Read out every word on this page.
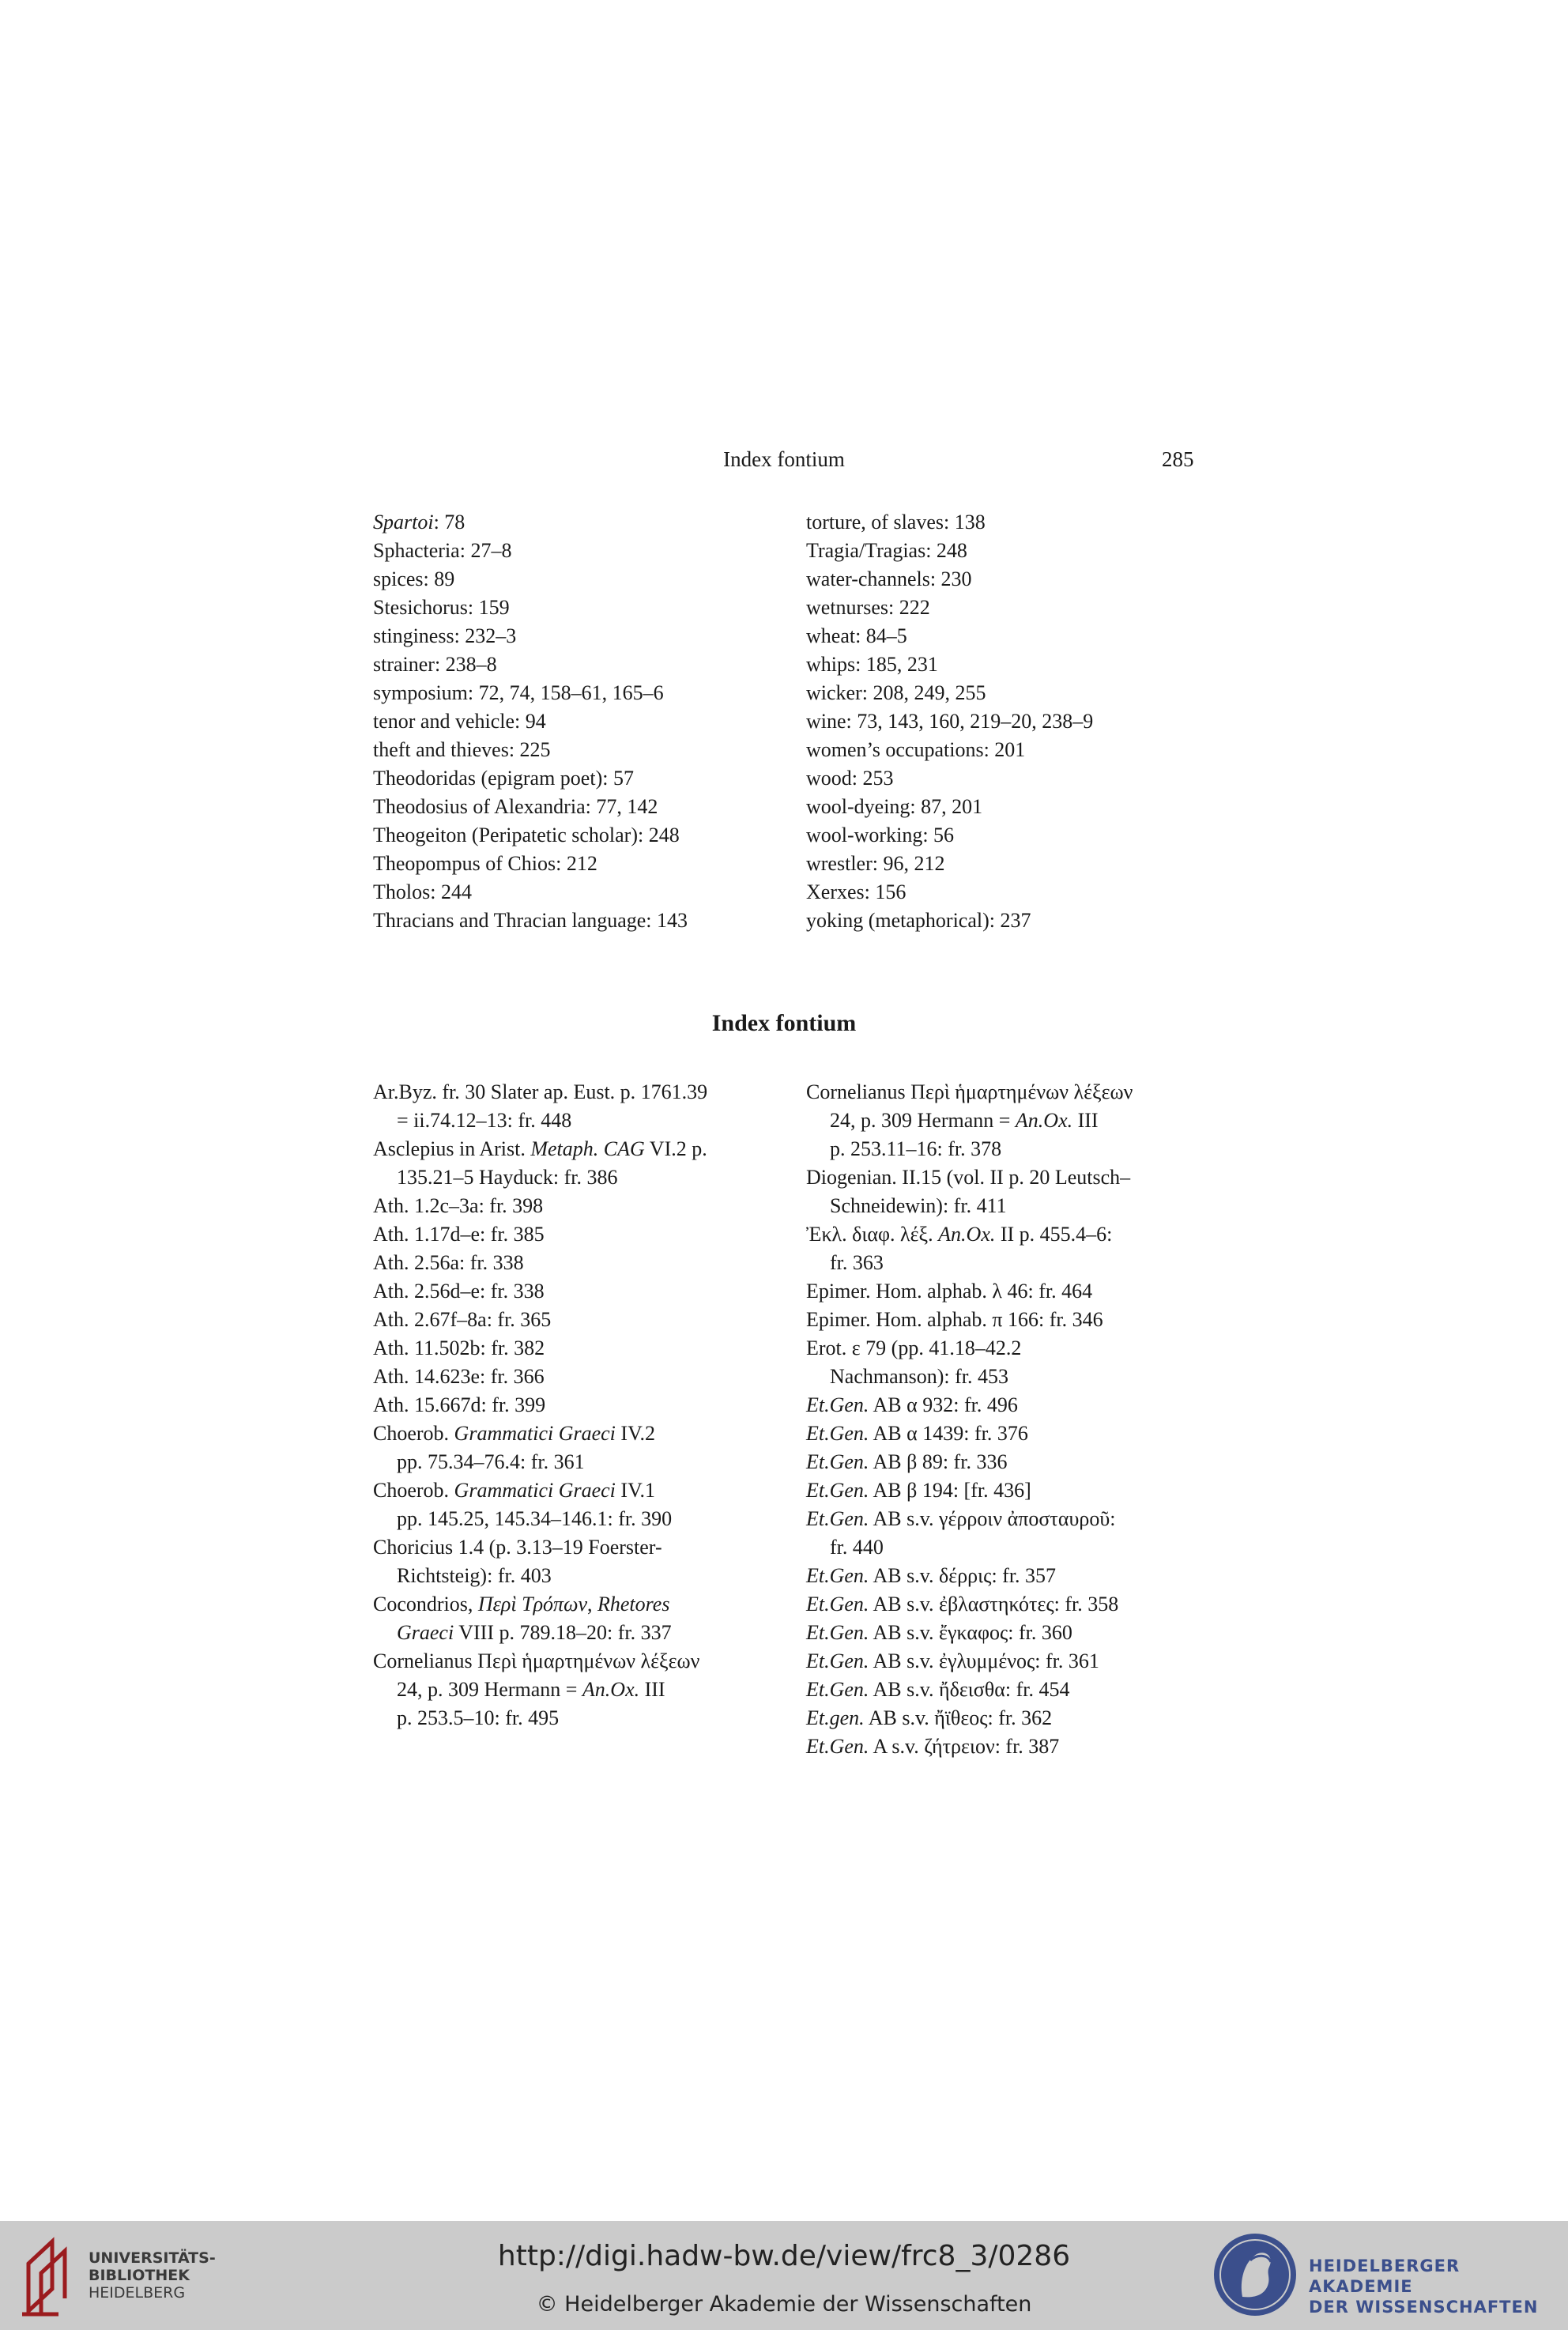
Index fontium	285
Spartoi: 78
Sphacteria: 27–8
spices: 89
Stesichorus: 159
stinginess: 232–3
strainer: 238–8
symposium: 72, 74, 158–61, 165–6
tenor and vehicle: 94
theft and thieves: 225
Theodoridas (epigram poet): 57
Theodosius of Alexandria: 77, 142
Theogeiton (Peripatetic scholar): 248
Theopompus of Chios: 212
Tholos: 244
Thracians and Thracian language: 143
torture, of slaves: 138
Tragia/Tragias: 248
water-channels: 230
wetnurses: 222
wheat: 84–5
whips: 185, 231
wicker: 208, 249, 255
wine: 73, 143, 160, 219–20, 238–9
women’s occupations: 201
wood: 253
wool-dyeing: 87, 201
wool-working: 56
wrestler: 96, 212
Xerxes: 156
yoking (metaphorical): 237
Index fontium
Ar.Byz. fr. 30 Slater ap. Eust. p. 1761.39
= ii.74.12–13: fr. 448
Asclepius in Arist. Metaph. CAG VI.2 p.
135.21–5 Hayduck: fr. 386
Ath. 1.2c–3a: fr. 398
Ath. 1.17d–e: fr. 385
Ath. 2.56a: fr. 338
Ath. 2.56d–e: fr. 338
Ath. 2.67f–8a: fr. 365
Ath. 11.502b: fr. 382
Ath. 14.623e: fr. 366
Ath. 15.667d: fr. 399
Choerob. Grammatici Graeci IV.2
pp. 75.34–76.4: fr. 361
Choerob. Grammatici Graeci IV.1
pp. 145.25, 145.34–146.1: fr. 390
Choricius 1.4 (p. 3.13–19 Foerster-
Richtsteig): fr. 403
Cocondrios, Περὶ Τρόπων, Rhetores
Graeci VIII p. 789.18–20: fr. 337
Cornelianus Περὶ ἡμαρτημένων λέξεων
24, p. 309 Hermann = An.Ox. III
p. 253.5–10: fr. 495
Cornelianus Περὶ ἡμαρτημένων λέξεων
24, p. 309 Hermann = An.Ox. III
p. 253.11–16: fr. 378
Diogenian. II.15 (vol. II p. 20 Leutsch–
Schneidewin): fr. 411
Ἐκλ. διαφ. λέξ. An.Ox. II p. 455.4–6:
fr. 363
Epimer. Hom. alphab. λ 46: fr. 464
Epimer. Hom. alphab. π 166: fr. 346
Erot. ε 79 (pp. 41.18–42.2
Nachmanson): fr. 453
Et.Gen. AB α 932: fr. 496
Et.Gen. AB α 1439: fr. 376
Et.Gen. AB β 89: fr. 336
Et.Gen. AB β 194: [fr. 436]
Et.Gen. AB s.v. γέρροιν ἀποσταυροῦ:
fr. 440
Et.Gen. AB s.v. δέρρις: fr. 357
Et.Gen. AB s.v. ἐβλαστηκότες: fr. 358
Et.Gen. AB s.v. ἔγκαφος: fr. 360
Et.Gen. AB s.v. ἐγλυμμένος: fr. 361
Et.Gen. AB s.v. ἤδεισθα: fr. 454
Et.gen. AB s.v. ἤϊθεος: fr. 362
Et.Gen. A s.v. ζήτρειον: fr. 387
UNIVERSITÄTS-
BIBLIOTHEK
HEIDELBERG
http://digi.hadw-bw.de/view/frc8_3/0286
© Heidelberger Akademie der Wissenschaften
HEIDELBERGER AKADEMIE
DER WISSENSCHAFTEN
